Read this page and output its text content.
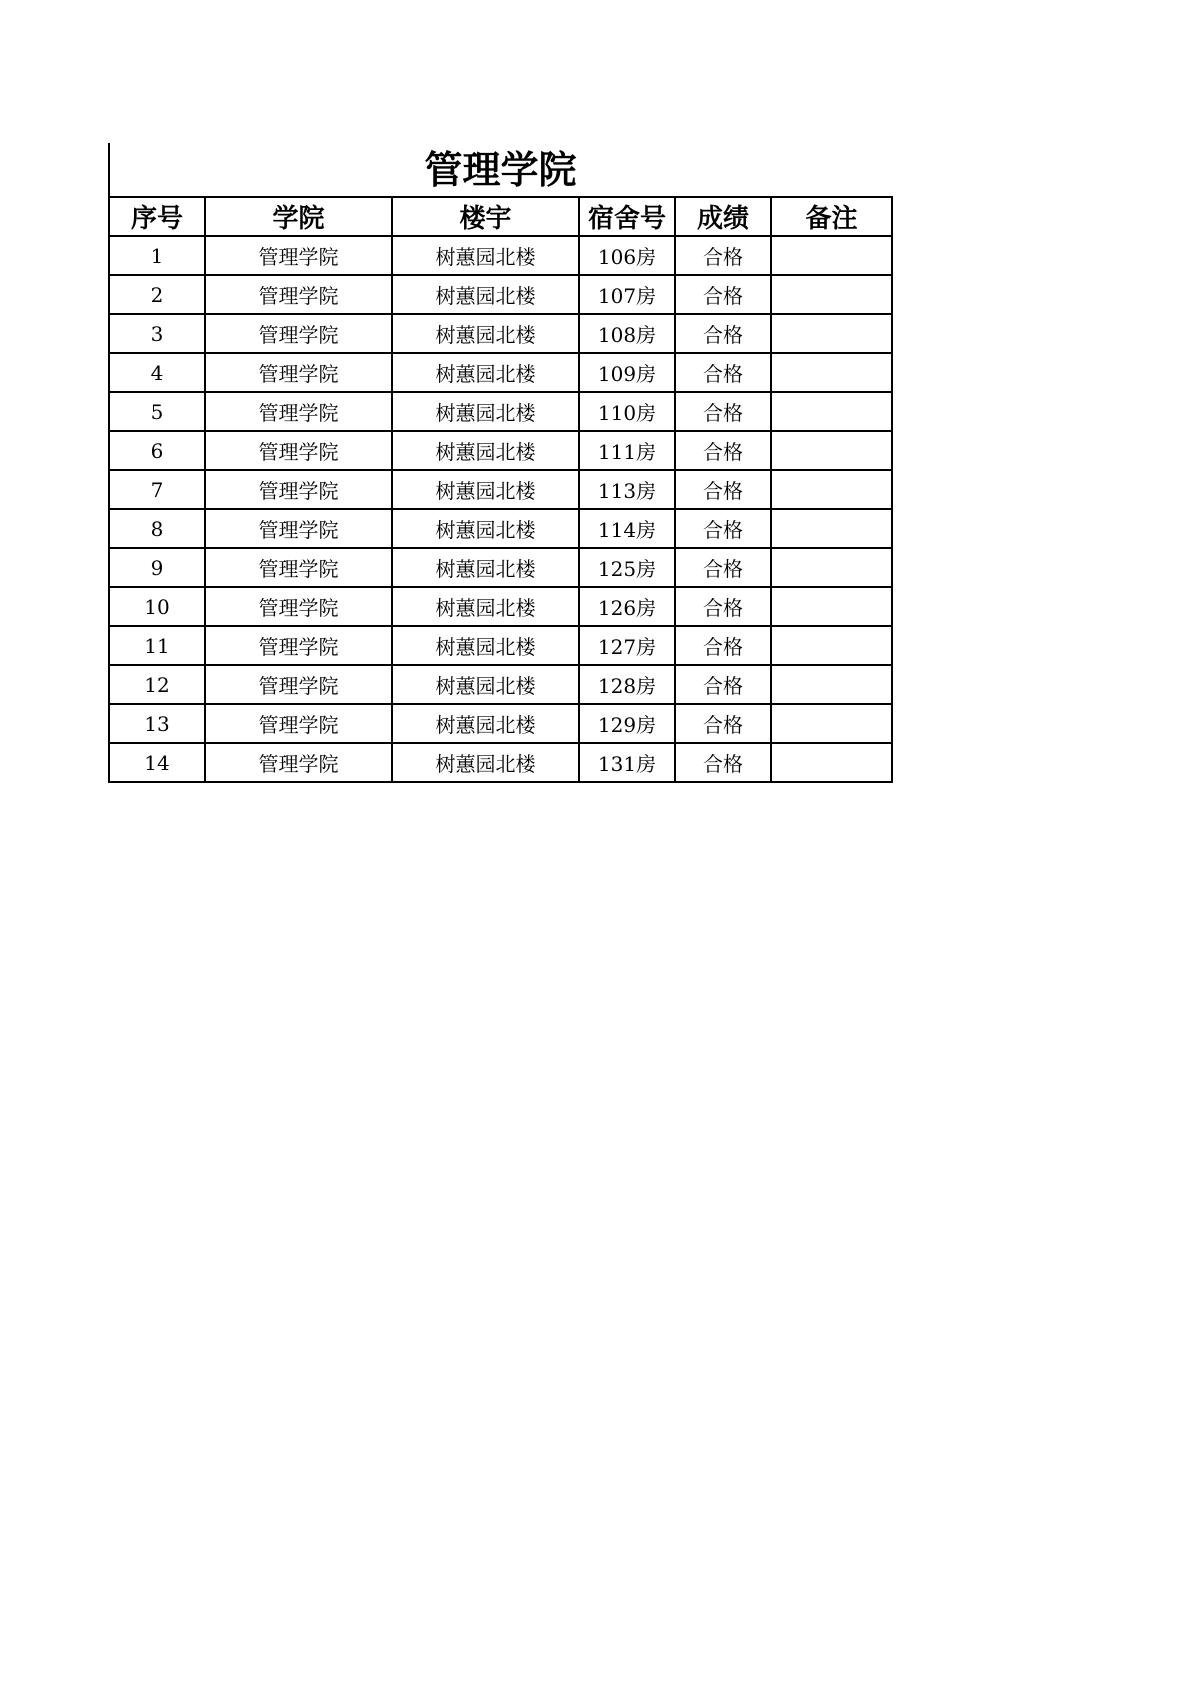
管理学院
序号	学院	楼宇	宿舍号	成绩	备注
1	管理学院	树蕙园北楼	106房	合格	
2	管理学院	树蕙园北楼	107房	合格	
3	管理学院	树蕙园北楼	108房	合格	
4	管理学院	树蕙园北楼	109房	合格	
5	管理学院	树蕙园北楼	110房	合格	
6	管理学院	树蕙园北楼	111房	合格	
7	管理学院	树蕙园北楼	113房	合格	
8	管理学院	树蕙园北楼	114房	合格	
9	管理学院	树蕙园北楼	125房	合格	
10	管理学院	树蕙园北楼	126房	合格	
11	管理学院	树蕙园北楼	127房	合格	
12	管理学院	树蕙园北楼	128房	合格	
13	管理学院	树蕙园北楼	129房	合格	
14	管理学院	树蕙园北楼	131房	合格	
